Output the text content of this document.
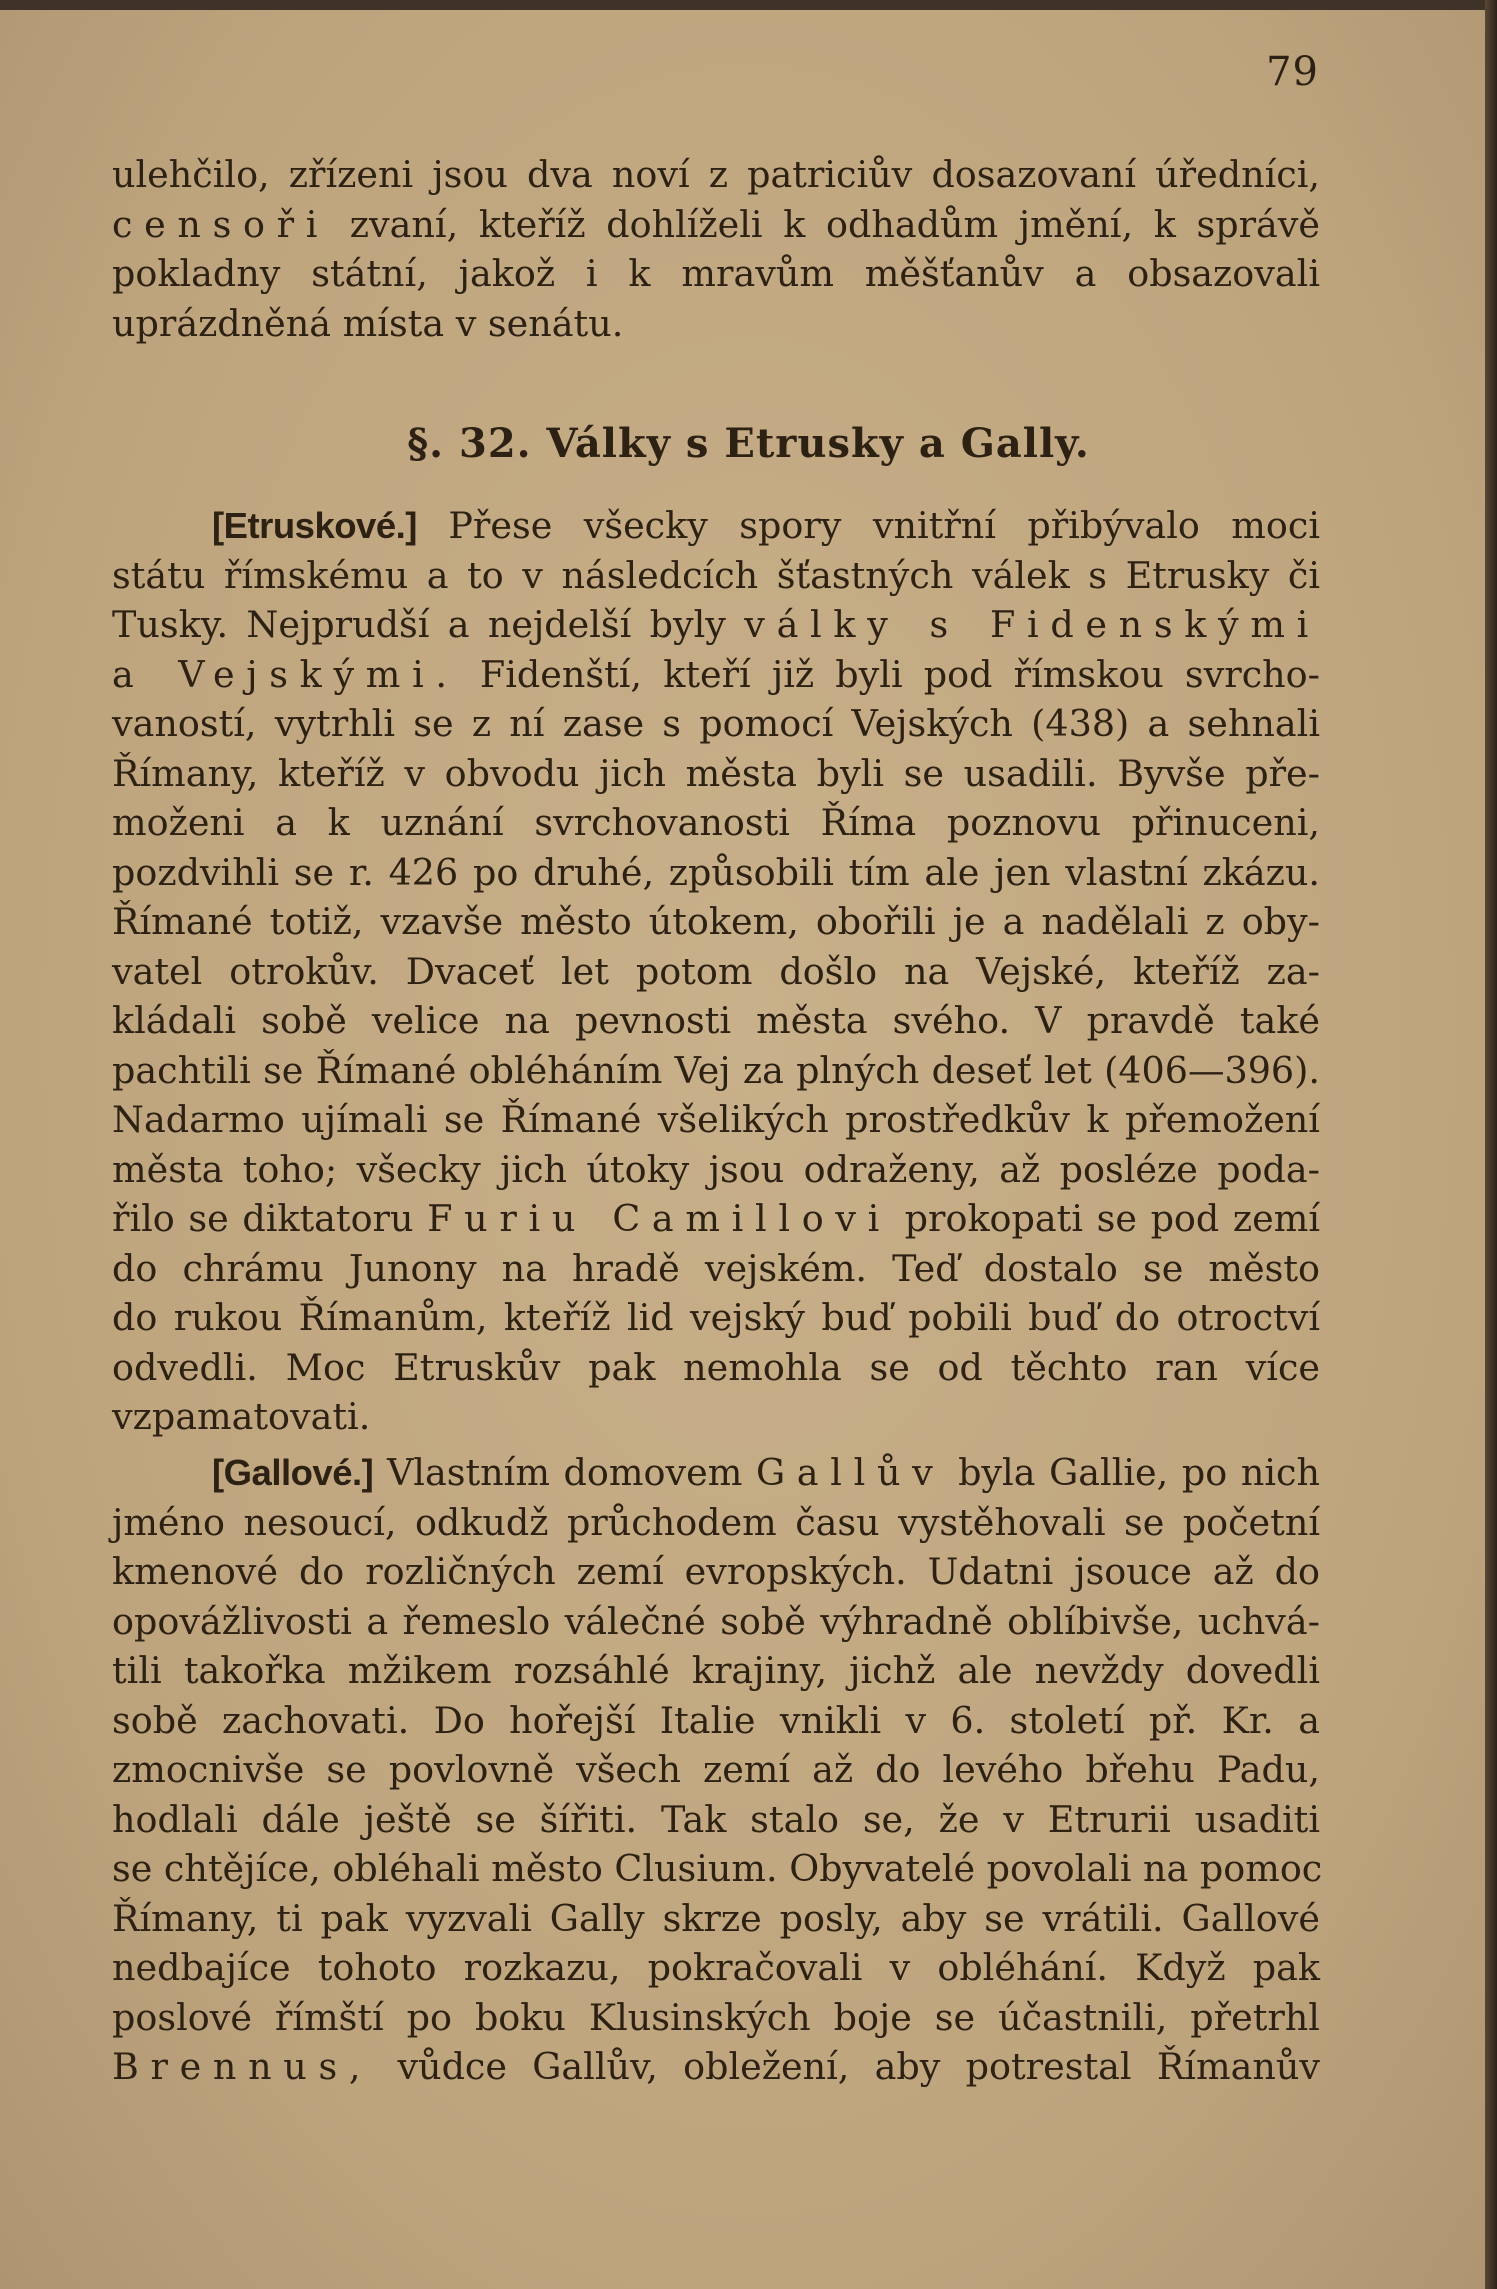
79
ulehčilo, zřízeni jsou dva noví z patriciův dosazovaní úředníci,
censoři zvaní, kteříž dohlíželi k odhadům jmění, k správě
pokladny státní, jakož i k mravům měšťanův a obsazovali
uprázdněná místa v senátu.
§. 32. Války s Etrusky a Gally.
[Etruskové.] Přese všecky spory vnitřní přibývalo moci
státu římskému a to v následcích šťastných válek s Etrusky či
Tusky. Nejprudší a nejdelší byly války s Fidenskými
a Vejskými. Fidenští, kteří již byli pod římskou svrcho-
vaností, vytrhli se z ní zase s pomocí Vejských (438) a sehnali
Římany, kteříž v obvodu jich města byli se usadili. Byvše pře-
moženi a k uznání svrchovanosti Říma poznovu přinuceni,
pozdvihli se r. 426 po druhé, způsobili tím ale jen vlastní zkázu.
Římané totiž, vzavše město útokem, obořili je a nadělali z oby-
vatel otrokův. Dvaceť let potom došlo na Vejské, kteříž za-
kládali sobě velice na pevnosti města svého. V pravdě také
pachtili se Římané obléháním Vej za plných deseť let (406—396).
Nadarmo ujímali se Římané všelikých prostředkův k přemožení
města toho; všecky jich útoky jsou odraženy, až posléze poda-
řilo se diktatoru Furiu Camillovi prokopati se pod zemí
do chrámu Junony na hradě vejském. Teď dostalo se město
do rukou Římanům, kteříž lid vejský buď pobili buď do otroctví
odvedli. Moc Etruskův pak nemohla se od těchto ran více
vzpamatovati.
[Gallové.] Vlastním domovem Gallův byla Gallie, po nich
jméno nesoucí, odkudž průchodem času vystěhovali se početní
kmenové do rozličných zemí evropských. Udatni jsouce až do
opovážlivosti a řemeslo válečné sobě výhradně oblíbivše, uchvá-
tili takořka mžikem rozsáhlé krajiny, jichž ale nevždy dovedli
sobě zachovati. Do hořejší Italie vnikli v 6. století př. Kr. a
zmocnivše se povlovně všech zemí až do levého břehu Padu,
hodlali dále ještě se šířiti. Tak stalo se, že v Etrurii usaditi
se chtějíce, obléhali město Clusium. Obyvatelé povolali na pomoc
Římany, ti pak vyzvali Gally skrze posly, aby se vrátili. Gallové
nedbajíce tohoto rozkazu, pokračovali v obléhání. Když pak
poslové římští po boku Klusinských boje se účastnili, přetrhl
Brennus, vůdce Gallův, obležení, aby potrestal Římanův
